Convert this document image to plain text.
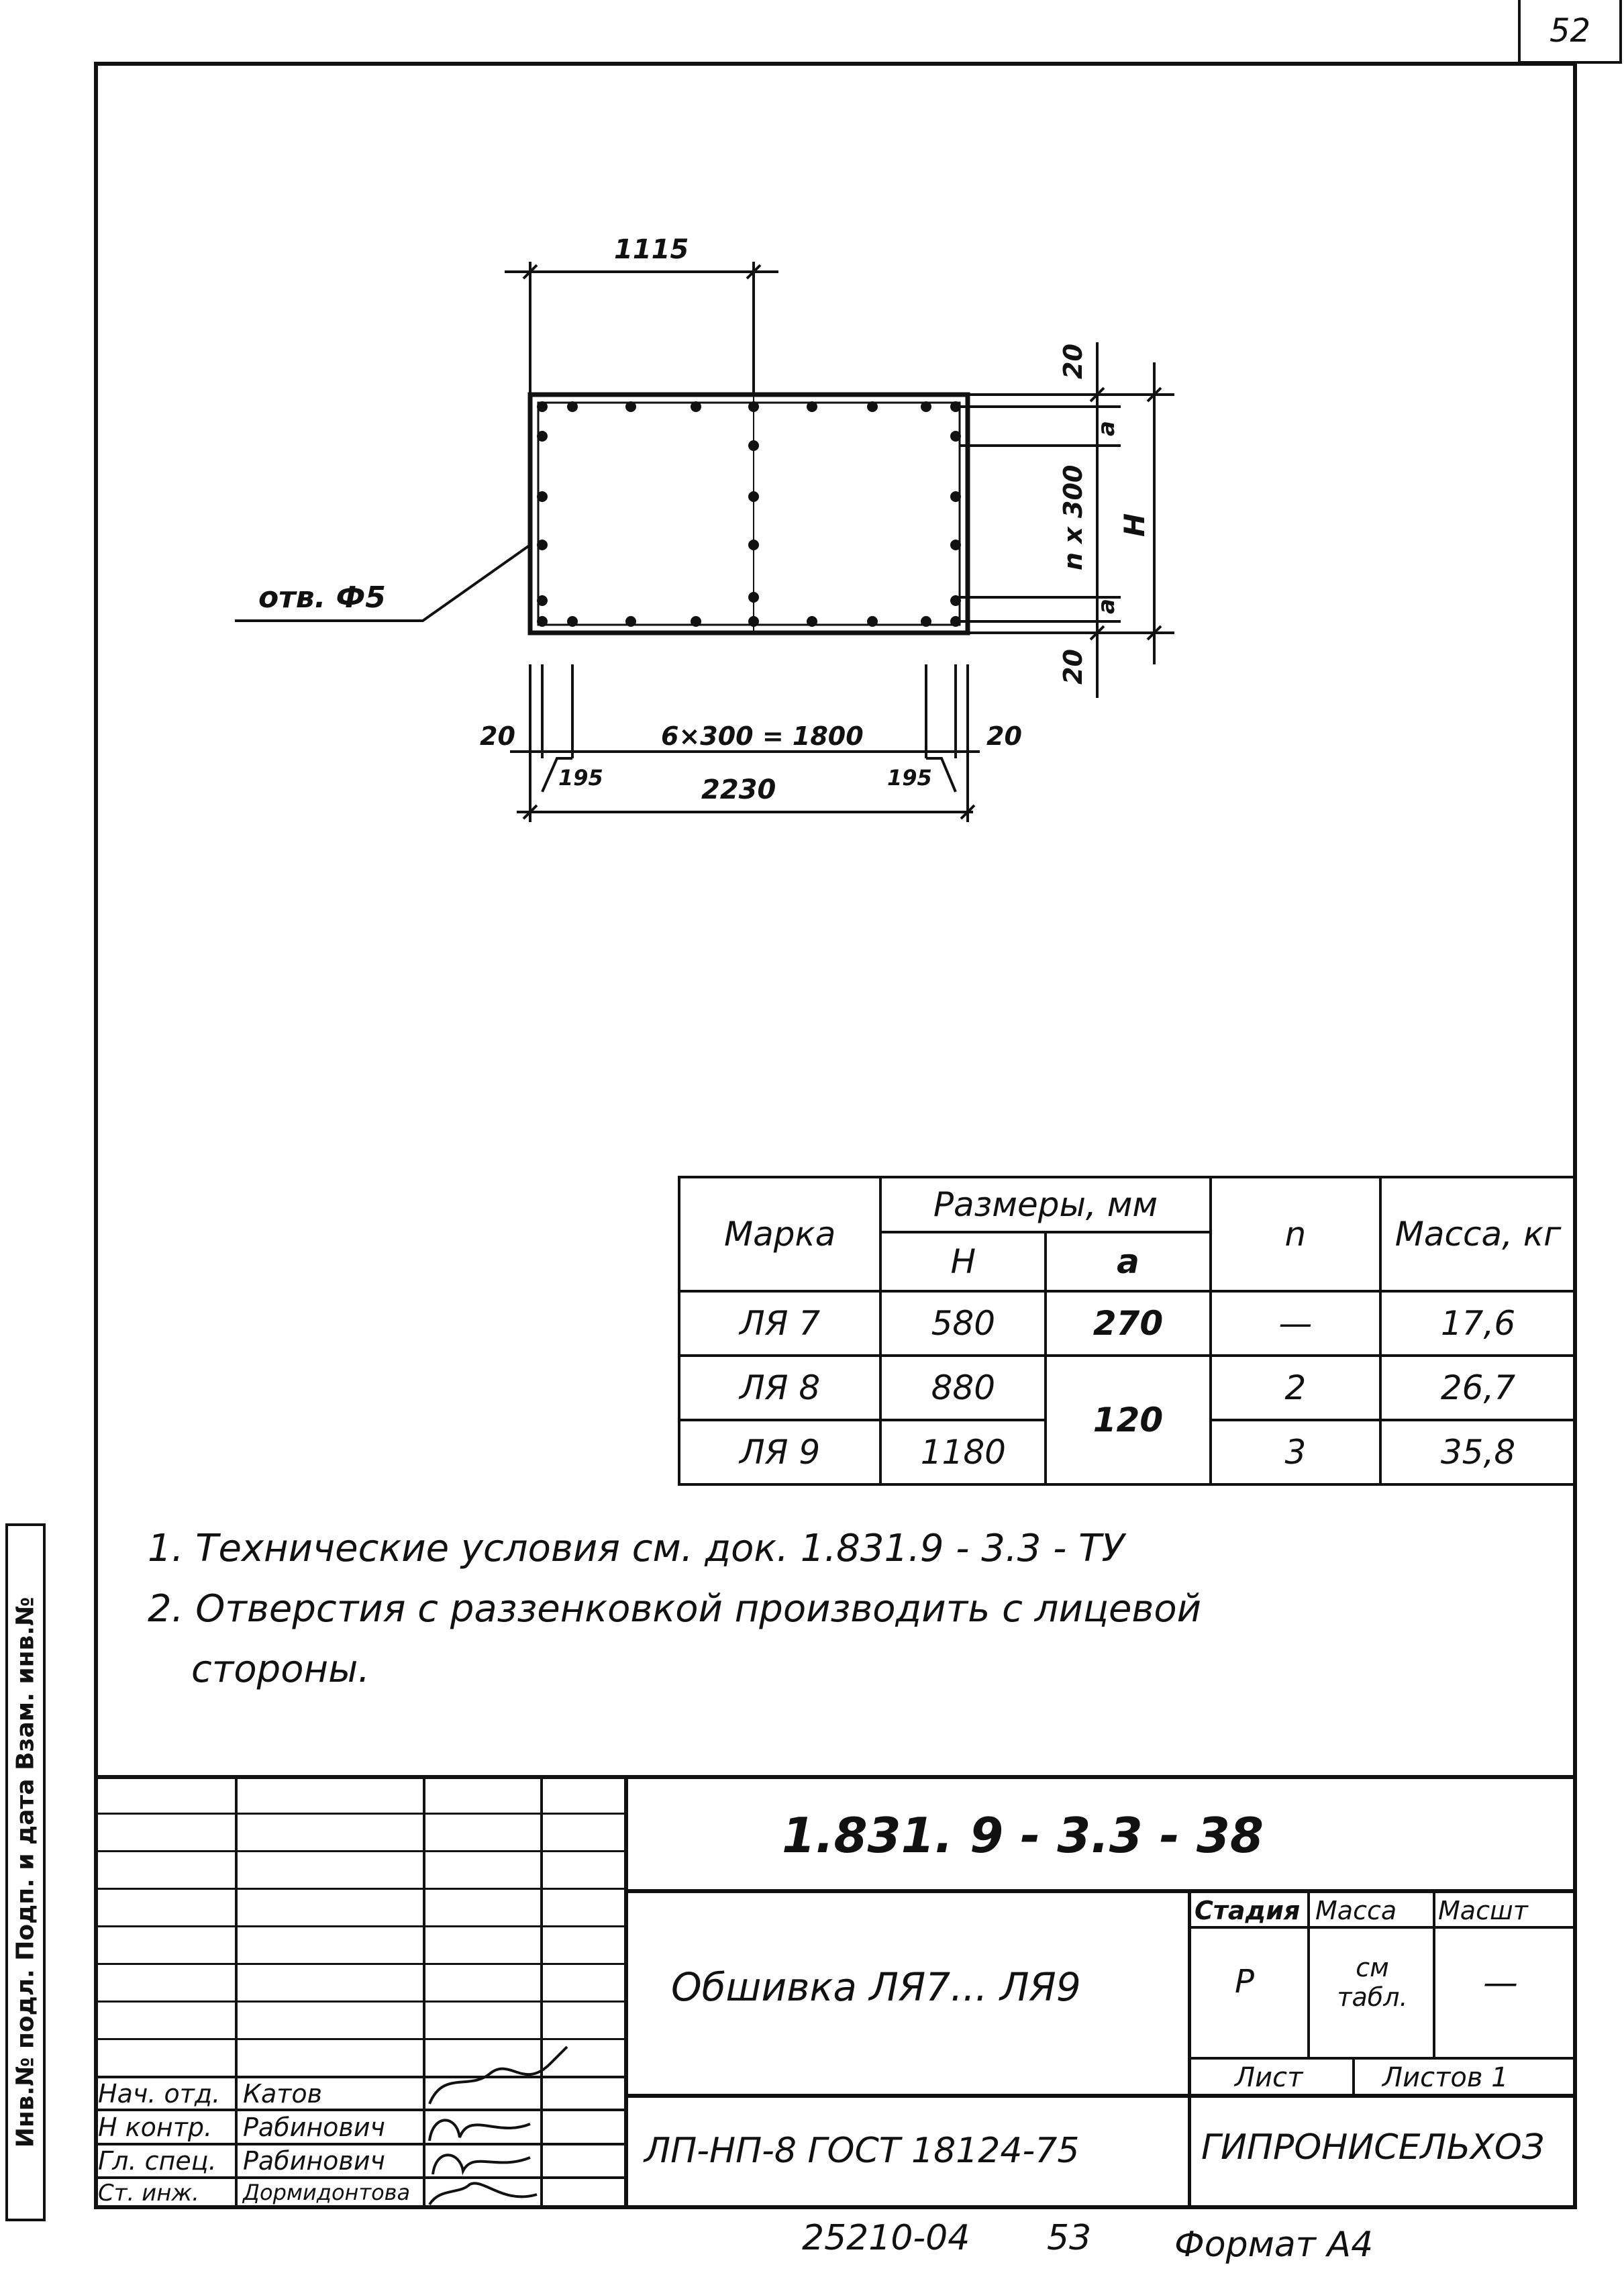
52
Инв.№ подл. Подп. и дата Взам. инв.№
1115
20
n x 300
20
H
a
a
отв. Ф5
20	6×300 = 1800	20
195	195
2230
Марка	Размеры, мм		n	Масса, кг
	Н	a		
ЛЯ 7	580	270	—	17,6
ЛЯ 8	880	120	2	26,7
ЛЯ 9	1180		3	35,8
1. Технические условия см. док. 1.831.9 - 3.3 - ТУ
2. Отверстия с раззенковкой производить с лицевой
стороны.
1.831. 9 - 3.3 - 38
Обшивка ЛЯ7... ЛЯ9
Стадия Масса Масшт
Р	см табл.	—
Лист	Листов 1
ЛП-НП-8 ГОСТ 18124-75	ГИПРОНИСЕЛЬХОЗ
Нач. отд. Катов
Н контр. Рабинович
Гл. спец. Рабинович
Ст. инж. Дормидонтова
25210-04 53 Формат А4
